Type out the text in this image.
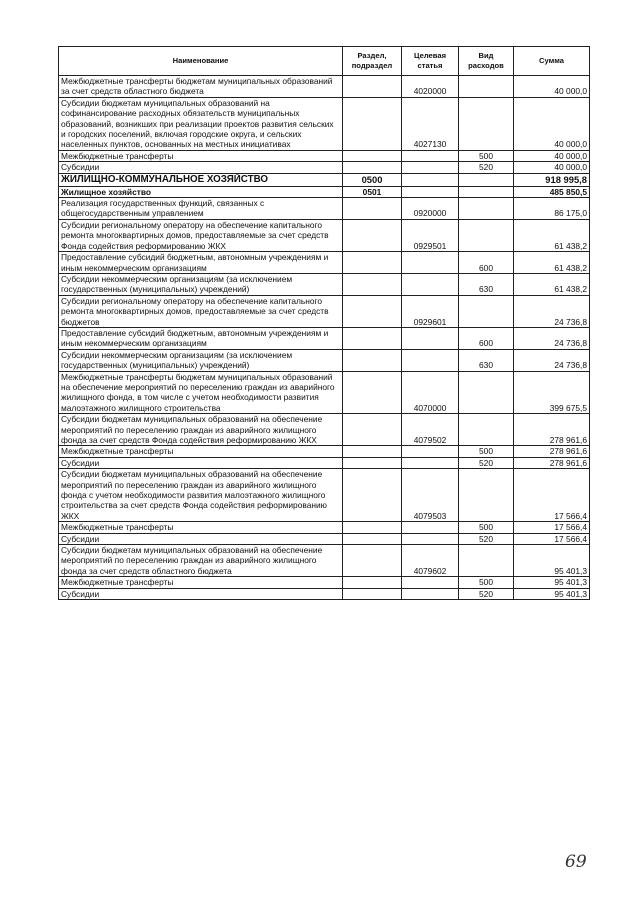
Наименование	Раздел, подраздел	Целевая статья	Вид расходов	Сумма
Межбюджетные трансферты бюджетам муниципальных образований за счет средств областного бюджета		4020000		40 000,0
Субсидии бюджетам муниципальных образований на софинансирование расходных обязательств муниципальных образований, возникших при реализации проектов развития сельских и городских поселений, включая городские округа, и сельских населенных пунктов, основанных на местных инициативах		4027130		40 000,0
Межбюджетные трансферты			500	40 000,0
Субсидии			520	40 000,0
ЖИЛИЩНО-КОММУНАЛЬНОЕ ХОЗЯЙСТВО	0500			918 995,8
Жилищное хозяйство	0501			485 850,5
Реализация государственных функций, связанных с общегосударственным управлением		0920000		86 175,0
Субсидии региональному оператору на обеспечение капитального ремонта многоквартирных домов, предоставляемые за счет средств Фонда содействия реформированию ЖКХ		0929501		61 438,2
Предоставление субсидий бюджетным, автономным учреждениям и иным некоммерческим организациям			600	61 438,2
Субсидии некоммерческим организациям (за исключением государственных (муниципальных) учреждений)			630	61 438,2
Субсидии региональному оператору на обеспечение капитального ремонта многоквартирных домов, предоставляемые за счет средств бюджетов		0929601		24 736,8
Предоставление субсидий бюджетным, автономным учреждениям и иным некоммерческим организациям			600	24 736,8
Субсидии некоммерческим организациям (за исключением государственных (муниципальных) учреждений)			630	24 736,8
Межбюджетные трансферты бюджетам муниципальных образований на обеспечение мероприятий по переселению граждан из аварийного жилищного фонда, в том числе с учетом необходимости развития малоэтажного жилищного строительства		4070000		399 675,5
Субсидии бюджетам муниципальных образований на обеспечение мероприятий по переселению граждан из аварийного жилищного фонда за счет средств Фонда содействия реформированию ЖКХ		4079502		278 961,6
Межбюджетные трансферты			500	278 961,6
Субсидии			520	278 961,6
Субсидии бюджетам муниципальных образований на обеспечение мероприятий по переселению граждан из аварийного жилищного фонда с учетом необходимости развития малоэтажного жилищного строительства за счет средств Фонда содействия реформированию ЖКХ		4079503		17 566,4
Межбюджетные трансферты			500	17 566,4
Субсидии			520	17 566,4
Субсидии бюджетам муниципальных образований на обеспечение мероприятий по переселению граждан из аварийного жилищного фонда за счет средств областного бюджета		4079602		95 401,3
Межбюджетные трансферты			500	95 401,3
Субсидии			520	95 401,3
69
